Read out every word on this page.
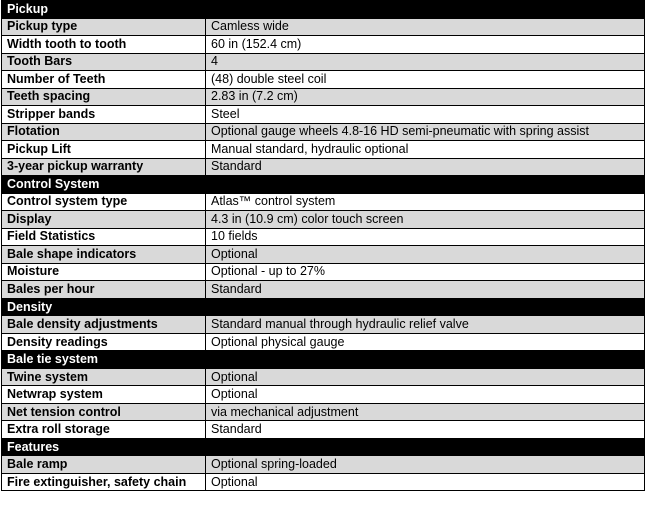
Pickup	
Pickup type	Camless wide
Width tooth to tooth	60 in (152.4 cm)
Tooth Bars	4
Number of Teeth	(48) double steel coil
Teeth spacing	2.83 in (7.2 cm)
Stripper bands	Steel
Flotation	Optional gauge wheels 4.8-16 HD semi-pneumatic with spring assist
Pickup Lift	Manual standard, hydraulic optional
3-year pickup warranty	Standard
Control System	
Control system type	Atlas™ control system
Display	4.3 in (10.9 cm) color touch screen
Field Statistics	10 fields
Bale shape indicators	Optional
Moisture	Optional - up to 27%
Bales per hour	Standard
Density	
Bale density adjustments	Standard manual through hydraulic relief valve
Density readings	Optional physical gauge
Bale tie system	
Twine system	Optional
Netwrap system	Optional
Net tension control	via mechanical adjustment
Extra roll storage	Standard
Features	
Bale ramp	Optional spring-loaded
Fire extinguisher, safety chain	Optional
